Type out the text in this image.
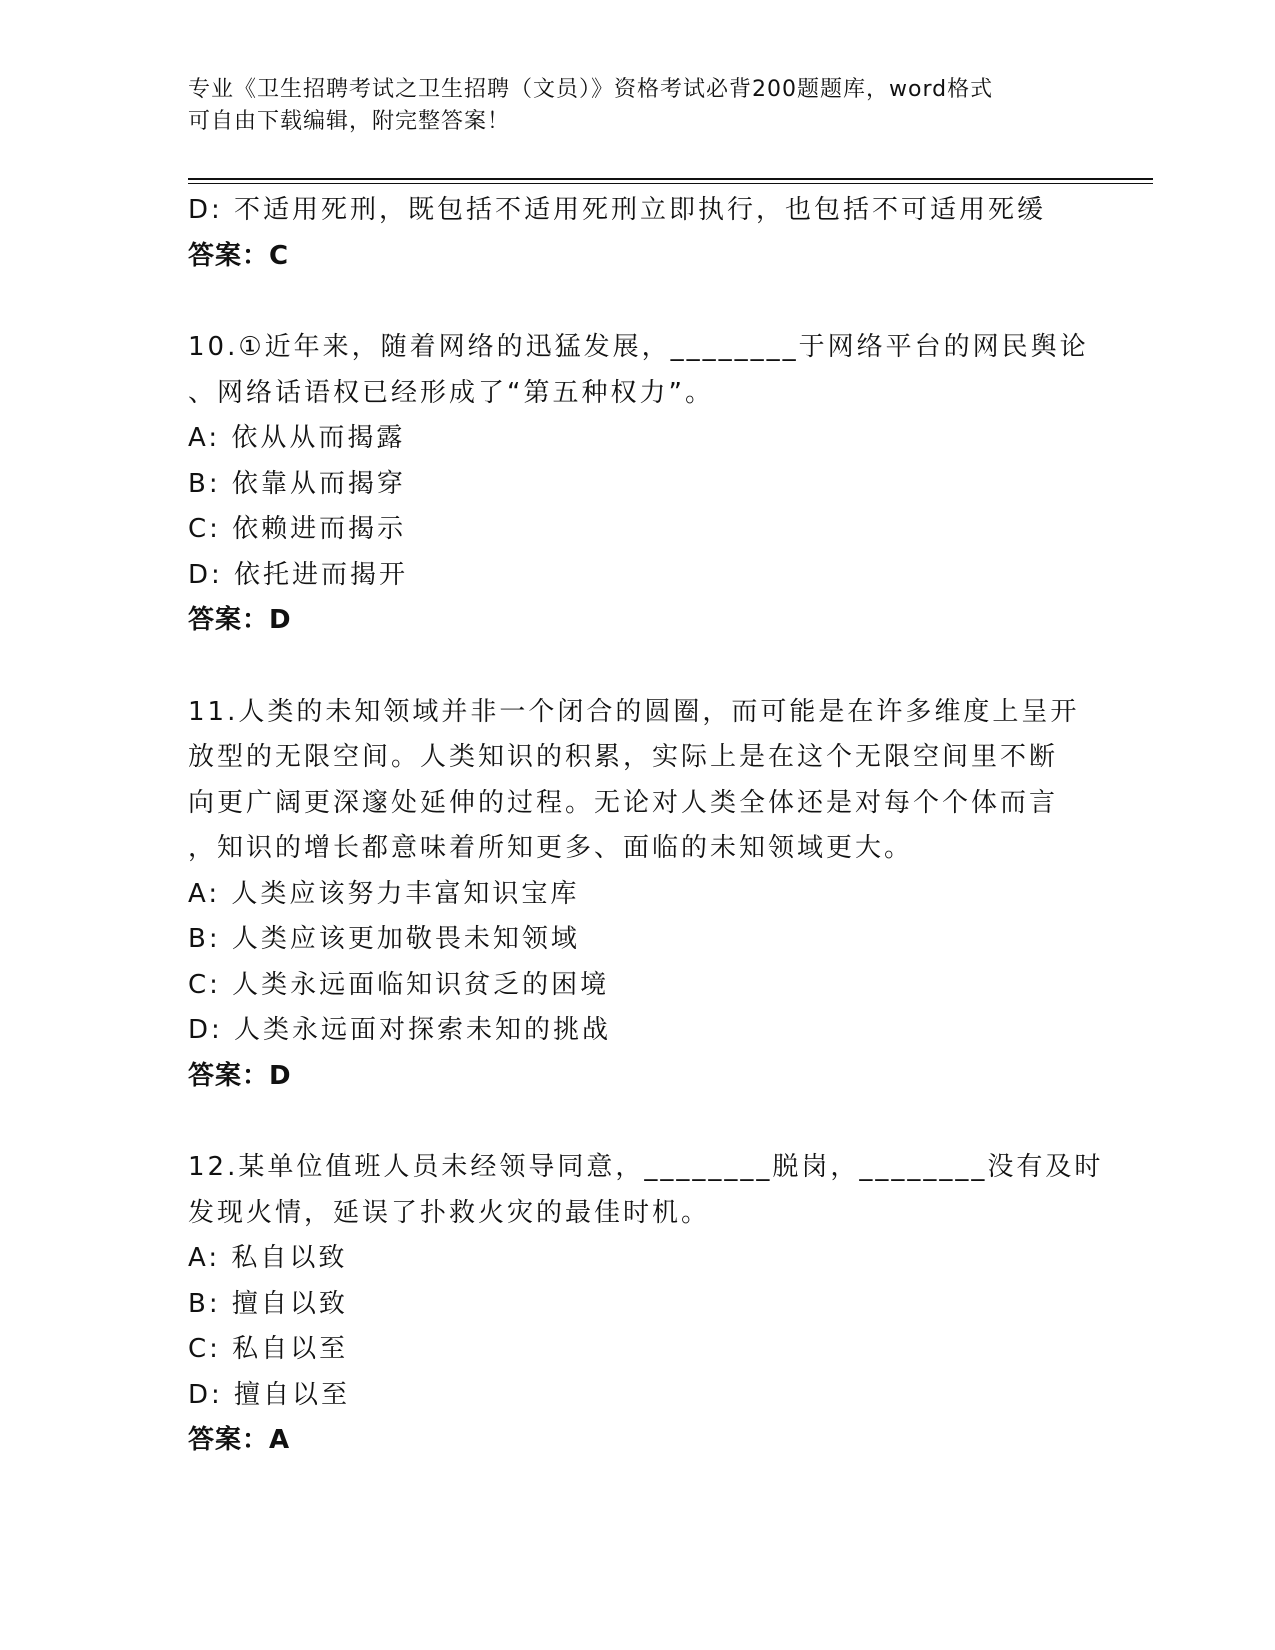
专业《卫生招聘考试之卫生招聘（文员）》资格考试必背200题题库，word格式
可自由下载编辑，附完整答案！
D: 不适用死刑，既包括不适用死刑立即执行，也包括不可适用死缓
答案：C
10.①近年来，随着网络的迅猛发展，________于网络平台的网民舆论
、网络话语权已经形成了“第五种权力”。
A: 依从从而揭露
B: 依靠从而揭穿
C: 依赖进而揭示
D: 依托进而揭开
答案：D
11.人类的未知领域并非一个闭合的圆圈，而可能是在许多维度上呈开
放型的无限空间。人类知识的积累，实际上是在这个无限空间里不断
向更广阔更深邃处延伸的过程。无论对人类全体还是对每个个体而言
，知识的增长都意味着所知更多、面临的未知领域更大。
A: 人类应该努力丰富知识宝库
B: 人类应该更加敬畏未知领域
C: 人类永远面临知识贫乏的困境
D: 人类永远面对探索未知的挑战
答案：D
12.某单位值班人员未经领导同意，________脱岗，________没有及时
发现火情，延误了扑救火灾的最佳时机。
A: 私自以致
B: 擅自以致
C: 私自以至
D: 擅自以至
答案：A
